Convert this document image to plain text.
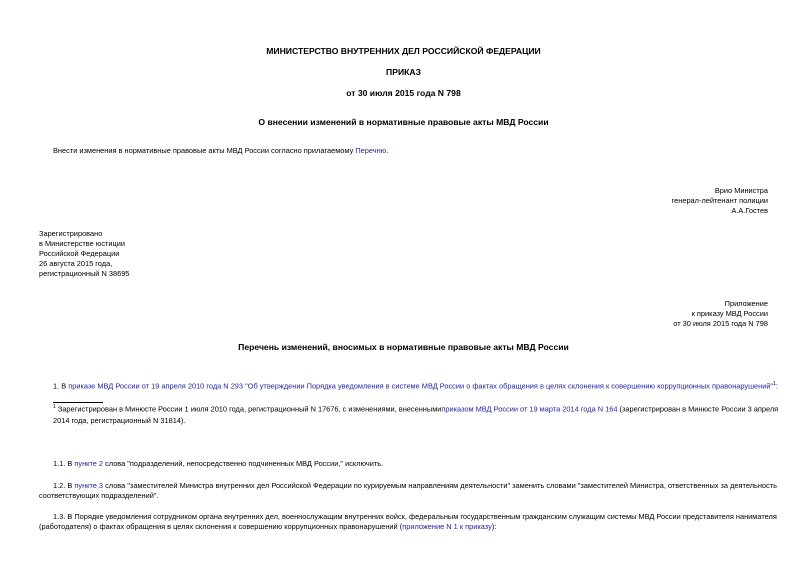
МИНИСТЕРСТВО ВНУТРЕННИХ ДЕЛ РОССИЙСКОЙ ФЕДЕРАЦИИ
ПРИКАЗ
от 30 июля 2015 года N 798
О внесении изменений в нормативные правовые акты МВД России
Внести изменения в нормативные правовые акты МВД России согласно прилагаемому Перечню.
Врио Министра
генерал-лейтенант полиции
А.А.Гостев
Зарегистрировано
в Министерстве юстиции
Российской Федерации
26 августа 2015 года,
регистрационный N 38695
Приложение
к приказу МВД России
от 30 июля 2015 года N 798
Перечень изменений, вносимых в нормативные правовые акты МВД России
1. В приказе МВД России от 19 апреля 2010 года N 293 "Об утверждении Порядка уведомления в системе МВД России о фактах обращения в целях склонения к совершению коррупционных правонарушений"$^1$:
$^1$ Зарегистрирован в Минюсте России 1 июля 2010 года, регистрационный N 17676, с изменениями, внесеннымиприказом МВД России от 19 марта 2014 года N 164 (зарегистрирован в Минюсте России 3 апреля
2014 года, регистрационный N 31814).
1.1. В пункте 2 слова "подразделений, непосредственно подчиненных МВД России," исключить.
1.2. В пункте 3 слова "заместителей Министра внутренних дел Российской Федерации по курируемым направлениям деятельности" заменить словами "заместителей Министра, ответственных за деятельность
соответствующих подразделений".
1.3. В Порядке уведомления сотрудником органа внутренних дел, военнослужащим внутренних войск, федеральным государственным гражданским служащим системы МВД России представителя нанимателя
(работодателя) о фактах обращения в целях склонения к совершению коррупционных правонарушений (приложение N 1 к приказу):
